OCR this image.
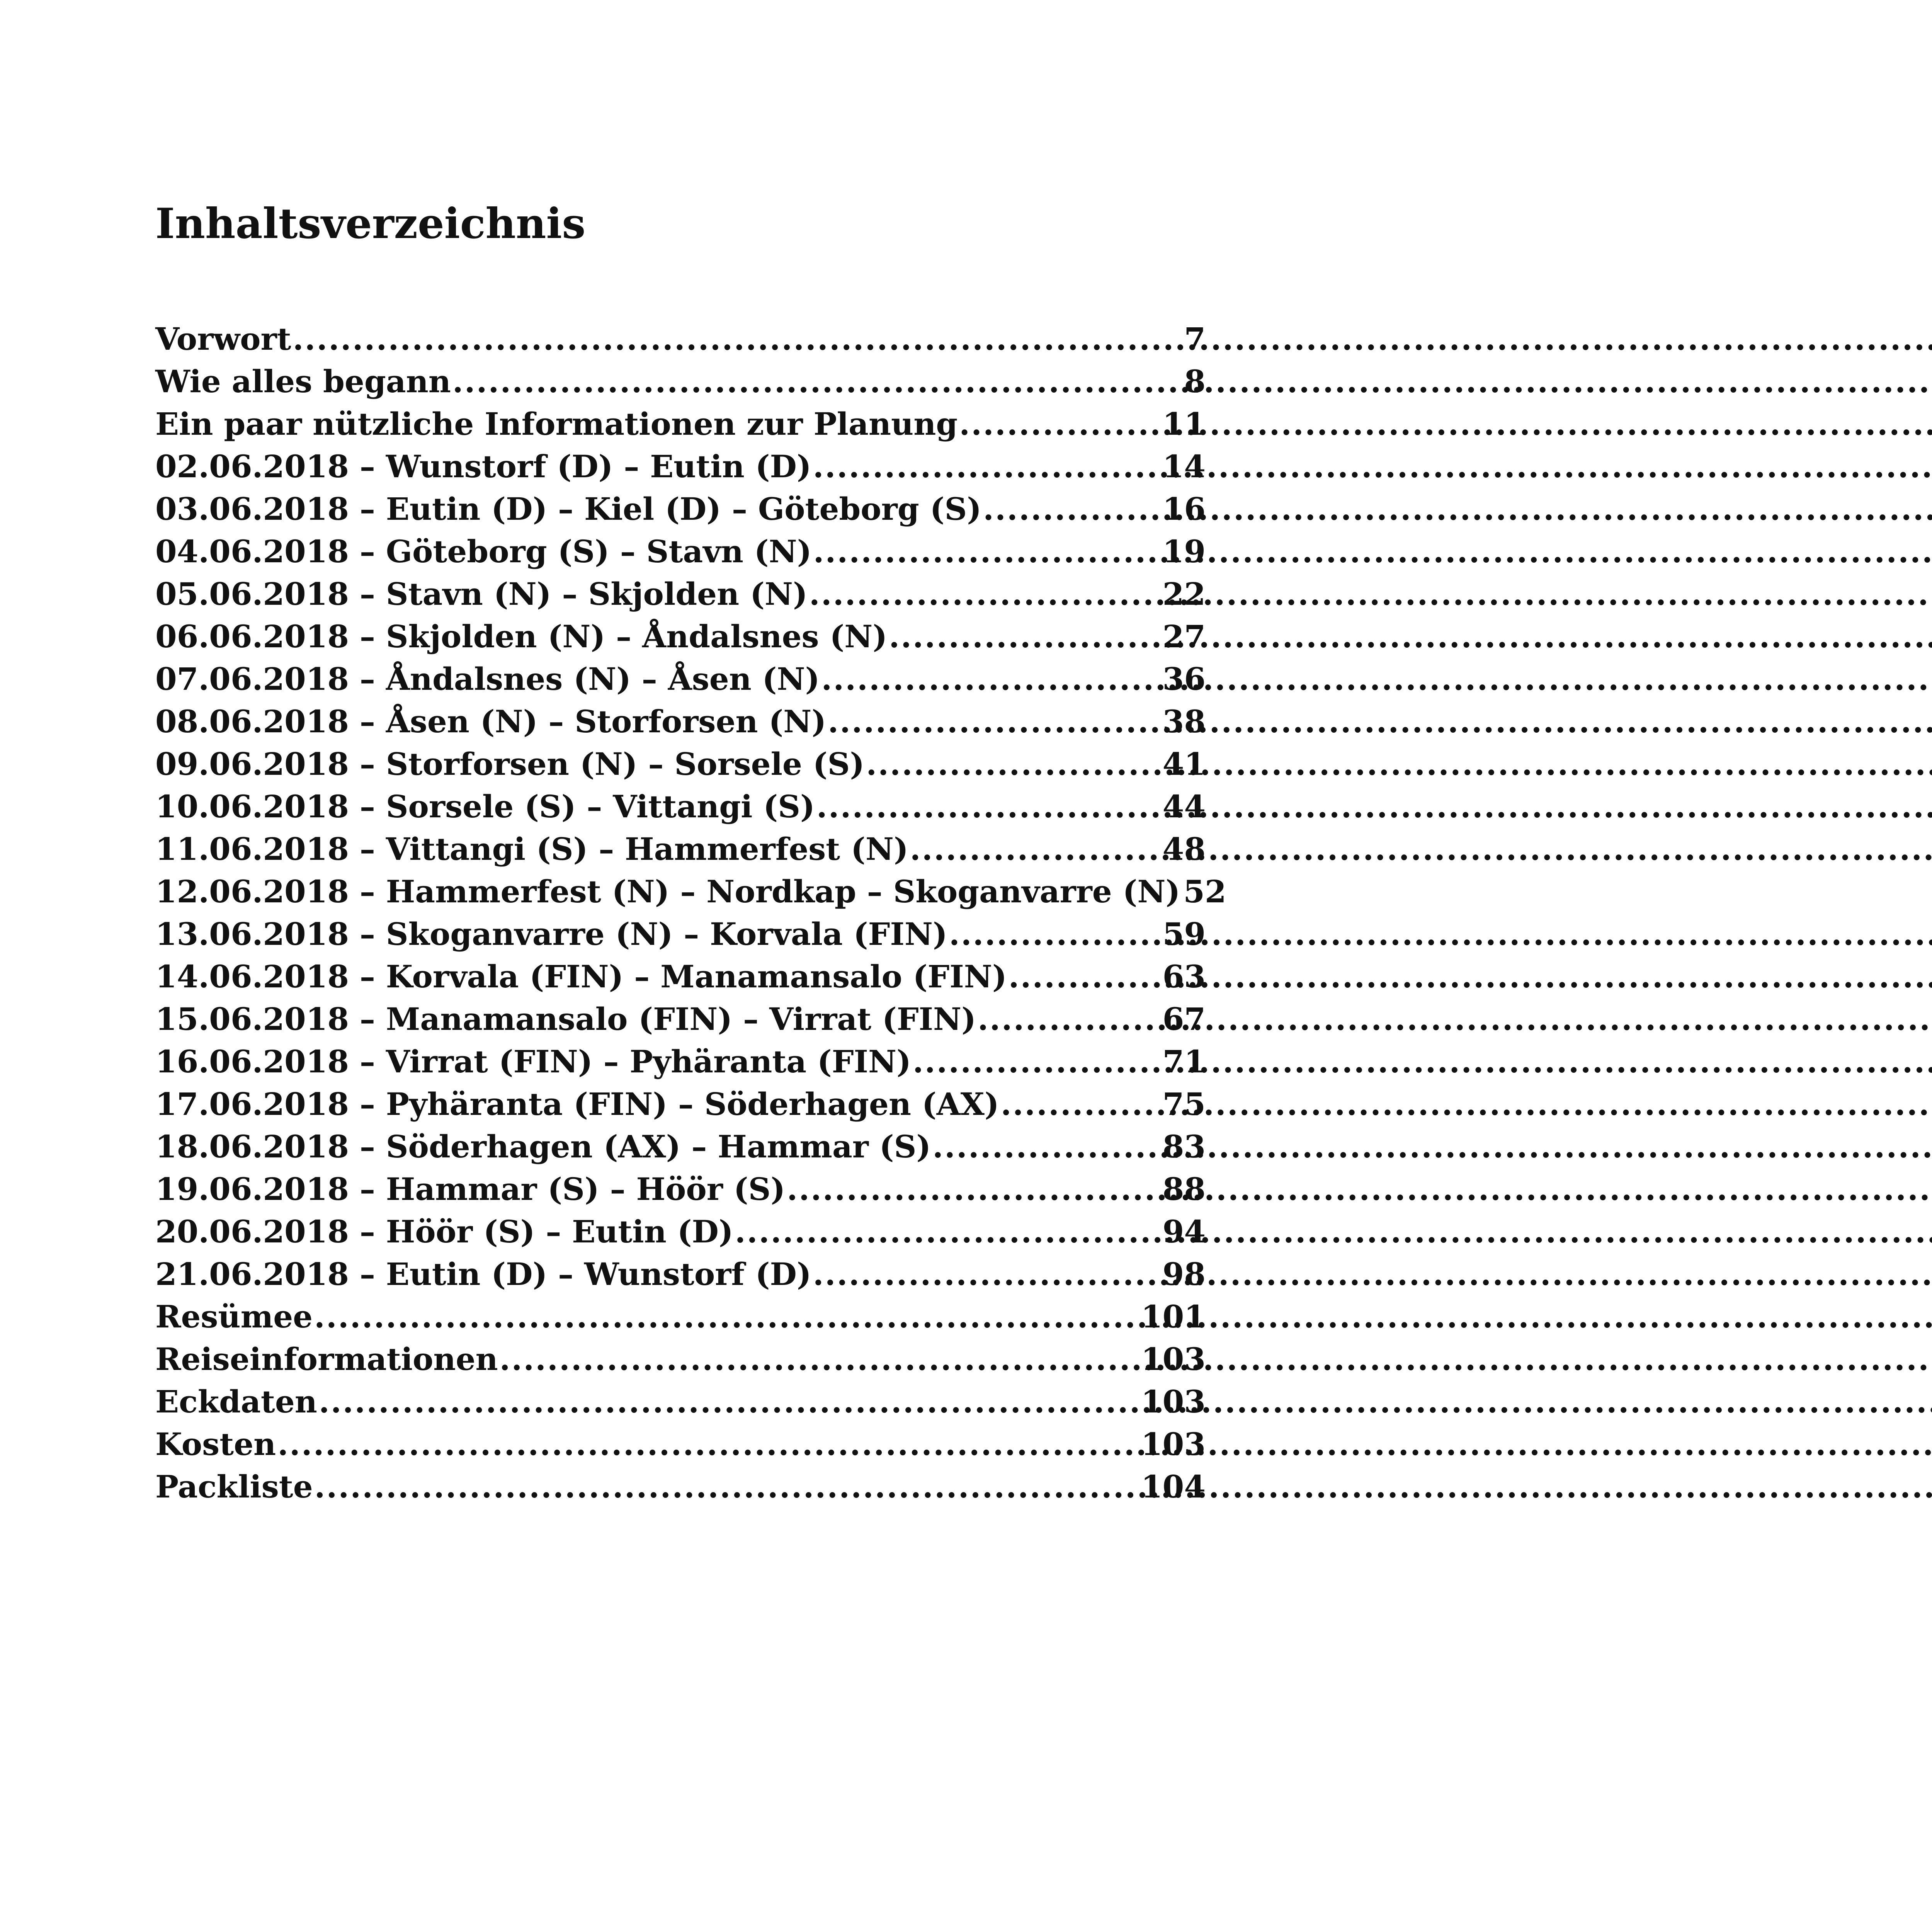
Inhaltsverzeichnis
Vorwort .....	7
Wie alles begann .....	8
Ein paar nützliche Informationen zur Planung .....	11
02.06.2018 – Wunstorf (D) – Eutin (D) .....	14
03.06.2018 – Eutin (D) – Kiel (D) – Göteborg (S) .....	16
04.06.2018 – Göteborg (S) – Stavn (N) .....	19
05.06.2018 – Stavn (N) – Skjolden (N) .....	22
06.06.2018 – Skjolden (N) – Åndalsnes (N) .....	27
07.06.2018 – Åndalsnes (N) – Åsen (N) .....	36
08.06.2018 – Åsen (N) – Storforsen (N) .....	38
09.06.2018 – Storforsen (N) – Sorsele (S) .....	41
10.06.2018 – Sorsele (S) – Vittangi (S) .....	44
11.06.2018 – Vittangi (S) – Hammerfest (N) .....	48
12.06.2018 – Hammerfest (N) – Nordkap – Skoganvarre (N) 52
13.06.2018 – Skoganvarre (N) – Korvala (FIN) .....	59
14.06.2018 – Korvala (FIN) – Manamansalo (FIN) .....	63
15.06.2018 – Manamansalo (FIN) – Virrat (FIN) .....	67
16.06.2018 – Virrat (FIN) – Pyhäranta (FIN) .....	71
17.06.2018 – Pyhäranta (FIN) – Söderhagen (AX) .....	75
18.06.2018 – Söderhagen (AX) – Hammar (S) .....	83
19.06.2018 – Hammar (S) – Höör (S) .....	88
20.06.2018 – Höör (S) – Eutin (D) .....	94
21.06.2018 – Eutin (D) – Wunstorf (D) .....	98
Resümee .....	101
Reiseinformationen .....	103
Eckdaten .....	103
Kosten .....	103
Packliste .....	104
